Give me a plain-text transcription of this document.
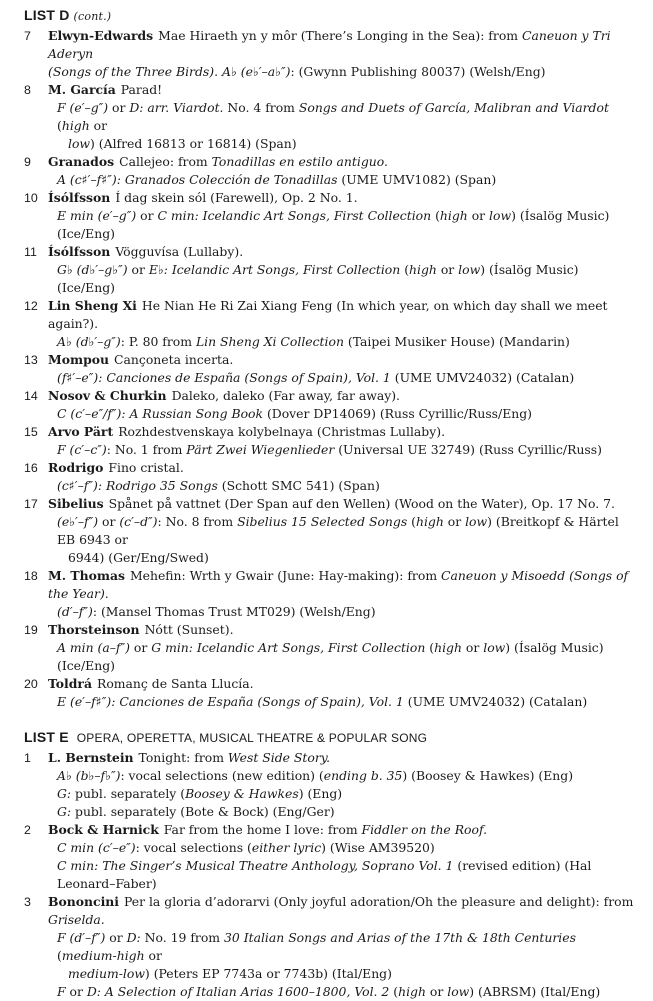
LIST D (cont.)
7 Elwyn-Edwards Mae Hiraeth yn y môr (There’s Longing in the Sea): from Caneuon y Tri Aderyn
(Songs of the Three Birds). A♭ (e♭′–a♭″): (Gwynn Publishing 80037) (Welsh/Eng)
8 M. García Parad!
F (e′–g″) or D: arr. Viardot. No. 4 from Songs and Duets of García, Malibran and Viardot (high or
low) (Alfred 16813 or 16814) (Span)
9 Granados Callejeo: from Tonadillas en estilo antiguo.
A (c♯′–f♯″): Granados Colección de Tonadillas (UME UMV1082) (Span)
10 Ísólfsson Í dag skein sól (Farewell), Op. 2 No. 1.
E min (e′–g″) or C min: Icelandic Art Songs, First Collection (high or low) (Ísalög Music) (Ice/Eng)
11 Ísólfsson Vögguvísa (Lullaby).
G♭ (d♭′–g♭″) or E♭: Icelandic Art Songs, First Collection (high or low) (Ísalög Music) (Ice/Eng)
12 Lin Sheng Xi He Nian He Ri Zai Xiang Feng (In which year, on which day shall we meet again?).
A♭ (d♭′–g″): P. 80 from Lin Sheng Xi Collection (Taipei Musiker House) (Mandarin)
13 Mompou Cançoneta incerta.
(f♯′–e″): Canciones de España (Songs of Spain), Vol. 1 (UME UMV24032) (Catalan)
14 Nosov & Churkin Daleko, daleko (Far away, far away).
C (c′–e″/f″): A Russian Song Book (Dover DP14069) (Russ Cyrillic/Russ/Eng)
15 Arvo Pärt Rozhdestvenskaya kolybelnaya (Christmas Lullaby).
F (c′–c″): No. 1 from Pärt Zwei Wiegenlieder (Universal UE 32749) (Russ Cyrillic/Russ)
16 Rodrigo Fino cristal.
(c♯′–f″): Rodrigo 35 Songs (Schott SMC 541) (Span)
17 Sibelius Spånet på vattnet (Der Span auf den Wellen) (Wood on the Water), Op. 17 No. 7.
(e♭′–f″) or (c′–d″): No. 8 from Sibelius 15 Selected Songs (high or low) (Breitkopf & Härtel EB 6943 or
6944) (Ger/Eng/Swed)
18 M. Thomas Mehefin: Wrth y Gwair (June: Hay-making): from Caneuon y Misoedd (Songs of the Year).
(d′–f″): (Mansel Thomas Trust MT029) (Welsh/Eng)
19 Thorsteinson Nótt (Sunset).
A min (a–f″) or G min: Icelandic Art Songs, First Collection (high or low) (Ísalög Music) (Ice/Eng)
20 Toldrá Romanç de Santa Llucía.
E (e′–f♯″): Canciones de España (Songs of Spain), Vol. 1 (UME UMV24032) (Catalan)
LIST E OPERA, OPERETTA, MUSICAL THEATRE & POPULAR SONG
1 L. Bernstein Tonight: from West Side Story.
A♭ (b♭–f♭″): vocal selections (new edition) (ending b. 35) (Boosey & Hawkes) (Eng)
G: publ. separately (Boosey & Hawkes) (Eng)
G: publ. separately (Bote & Bock) (Eng/Ger)
2 Bock & Harnick Far from the home I love: from Fiddler on the Roof.
C min (c′–e″): vocal selections (either lyric) (Wise AM39520)
C min: The Singer’s Musical Theatre Anthology, Soprano Vol. 1 (revised edition) (Hal Leonard–Faber)
3 Bononcini Per la gloria d’adorarvi (Only joyful adoration/Oh the pleasure and delight): from Griselda.
F (d′–f″) or D: No. 19 from 30 Italian Songs and Arias of the 17th & 18th Centuries (medium-high or
medium-low) (Peters EP 7743a or 7743b) (Ital/Eng)
F or D: A Selection of Italian Arias 1600–1800, Vol. 2 (high or low) (ABRSM) (Ital/Eng)
